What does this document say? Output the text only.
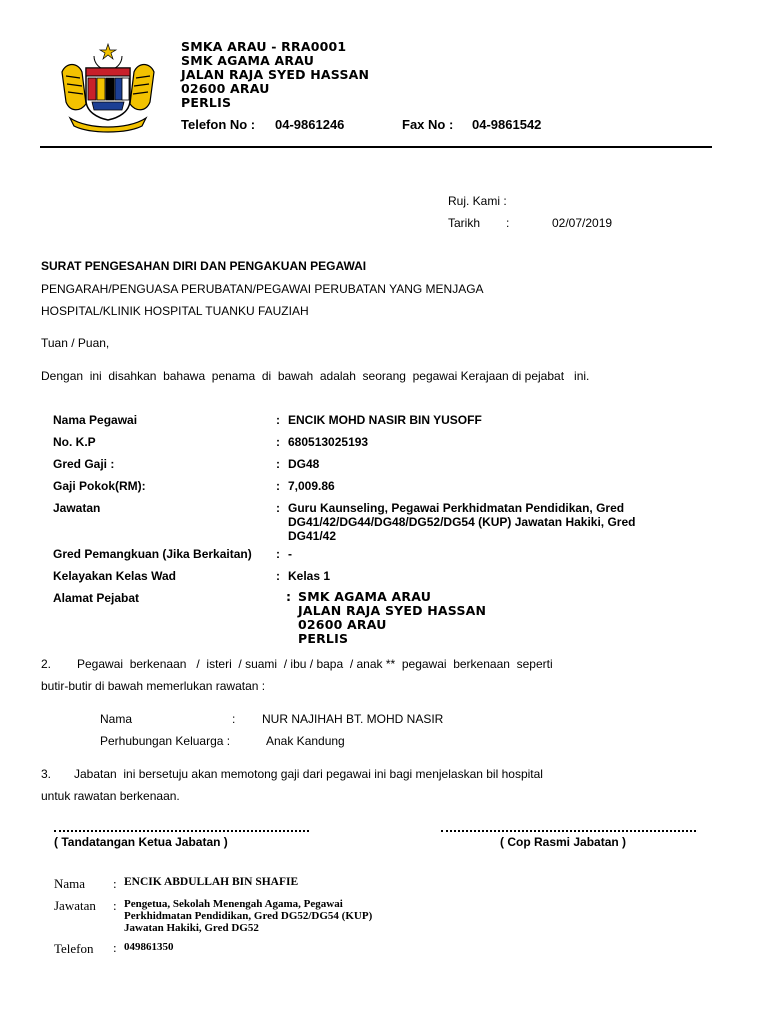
SMKA ARAU - RRA0001
SMK AGAMA ARAU
JALAN RAJA SYED HASSAN
02600 ARAU
PERLIS
Telefon No : 04-9861246	Fax No : 04-9861542
Ruj. Kami :
Tarikh :	02/07/2019
SURAT PENGESAHAN DIRI DAN PENGAKUAN PEGAWAI
PENGARAH/PENGUASA PERUBATAN/PEGAWAI PERUBATAN YANG MENJAGA
HOSPITAL/KLINIK HOSPITAL TUANKU FAUZIAH
Tuan / Puan,
Dengan  ini  disahkan  bahawa  penama  di  bawah  adalah  seorang  pegawai Kerajaan di pejabat   ini.
Nama Pegawai	: ENCIK MOHD NASIR BIN YUSOFF
No. K.P	: 680513025193
Gred Gaji :	: DG48
Gaji Pokok(RM):	: 7,009.86
Jawatan	: Guru Kaunseling, Pegawai Perkhidmatan Pendidikan, Gred
DG41/42/DG44/DG48/DG52/DG54 (KUP) Jawatan Hakiki, Gred
DG41/42
Gred Pemangkuan (Jika Berkaitan) : -
Kelayakan Kelas Wad	: Kelas 1
Alamat Pejabat	: SMK AGAMA ARAU
JALAN RAJA SYED HASSAN
02600 ARAU
PERLIS
2. Pegawai  berkenaan   /  isteri  / suami  / ibu / bapa  / anak **  pegawai  berkenaan  seperti
butir-butir di bawah memerlukan rawatan :
Nama	: NUR NAJIHAH BT. MOHD NASIR
Perhubungan Keluarga :	Anak Kandung
3. Jabatan  ini bersetuju akan memotong gaji dari pegawai ini bagi menjelaskan bil hospital
untuk rawatan berkenaan.
( Tandatangan Ketua Jabatan )	( Cop Rasmi Jabatan )
Nama : ENCIK ABDULLAH BIN SHAFIE
Jawatan : Pengetua, Sekolah Menengah Agama, Pegawai
Perkhidmatan Pendidikan, Gred DG52/DG54 (KUP)
Jawatan Hakiki, Gred DG52
Telefon : 049861350
